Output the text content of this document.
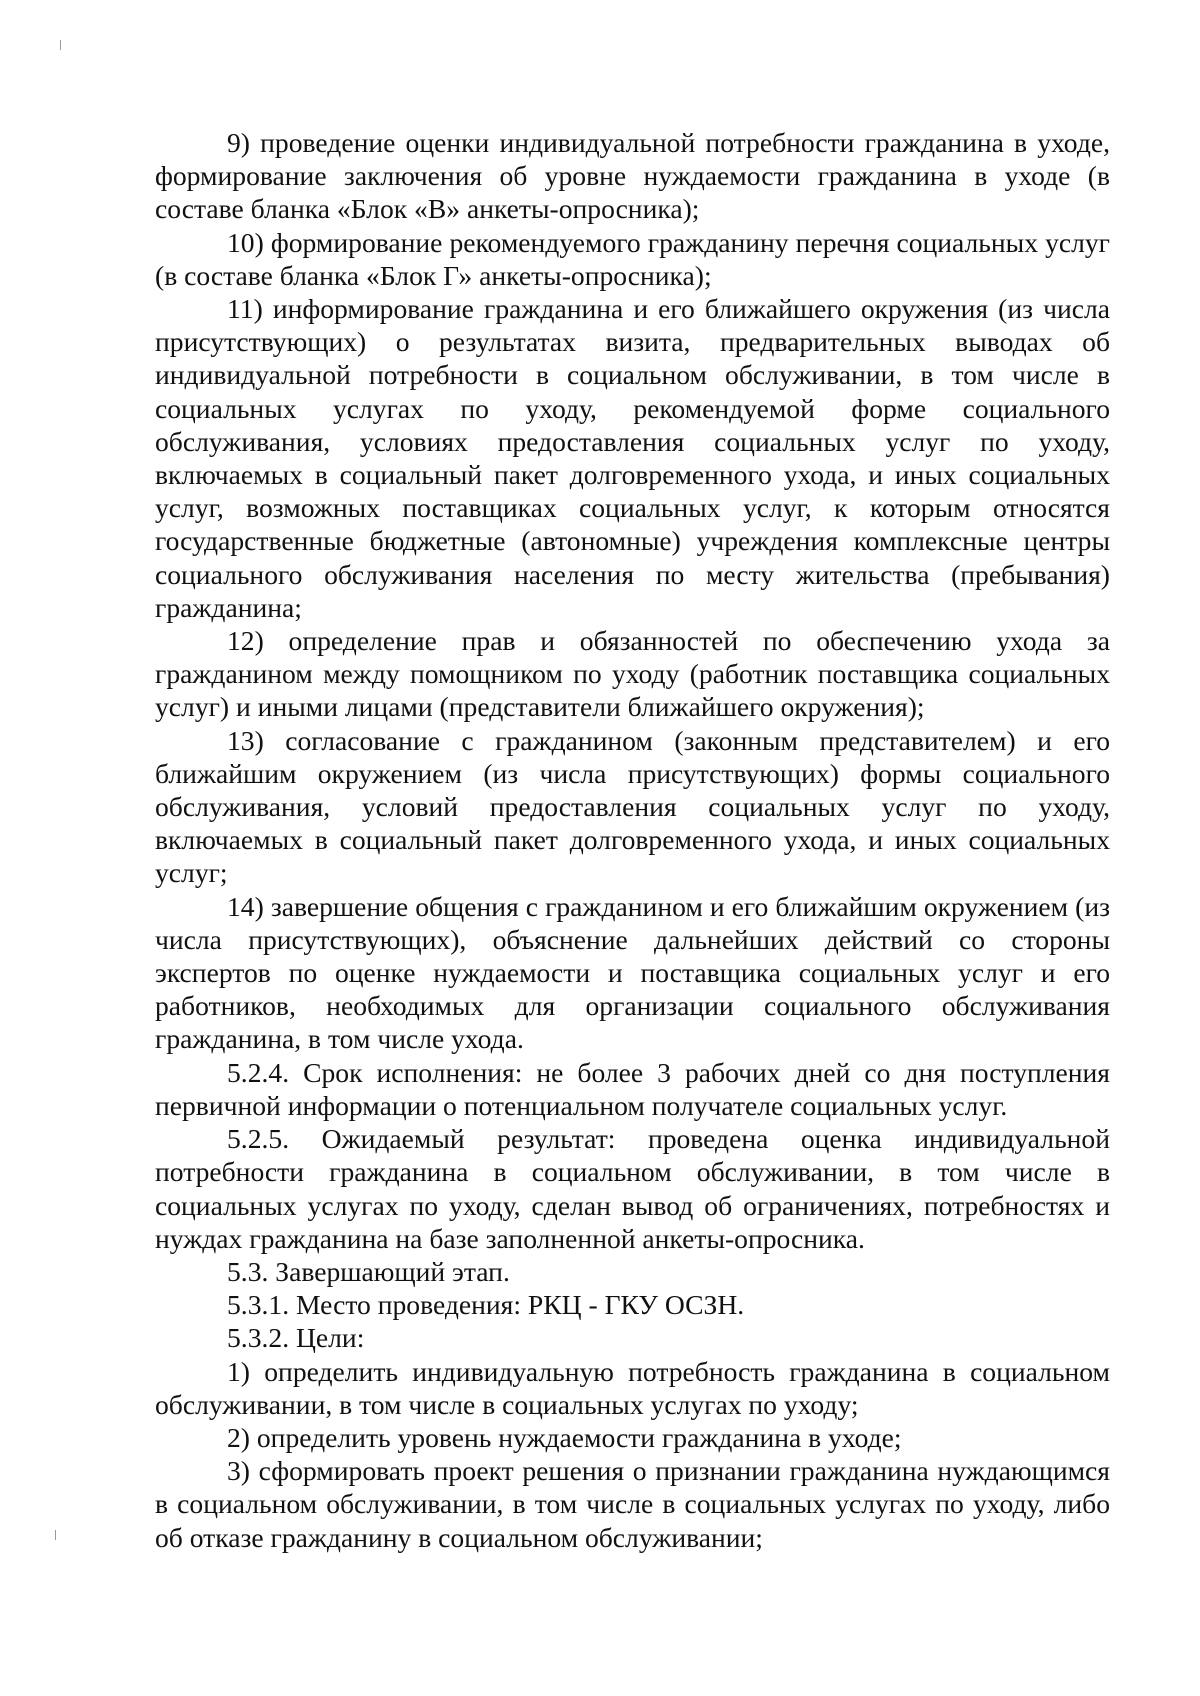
9) проведение оценки индивидуальной потребности гражданина в уходе, формирование заключения об уровне нуждаемости гражданина в уходе (в составе бланка «Блок «В» анкеты-опросника);

10) формирование рекомендуемого гражданину перечня социальных услуг (в составе бланка «Блок Г» анкеты-опросника);

11) информирование гражданина и его ближайшего окружения (из числа присутствующих) о результатах визита, предварительных выводах об индивидуальной потребности в социальном обслуживании, в том числе в социальных услугах по уходу, рекомендуемой форме социального обслуживания, условиях предоставления социальных услуг по уходу, включаемых в социальный пакет долговременного ухода, и иных социальных услуг, возможных поставщиках социальных услуг, к которым относятся государственные бюджетные (автономные) учреждения комплексные центры социального обслуживания населения по месту жительства (пребывания) гражданина;

12) определение прав и обязанностей по обеспечению ухода за гражданином между помощником по уходу (работник поставщика социальных услуг) и иными лицами (представители ближайшего окружения);

13) согласование с гражданином (законным представителем) и его ближайшим окружением (из числа присутствующих) формы социального обслуживания, условий предоставления социальных услуг по уходу, включаемых в социальный пакет долговременного ухода, и иных социальных услуг;

14) завершение общения с гражданином и его ближайшим окружением (из числа присутствующих), объяснение дальнейших действий со стороны экспертов по оценке нуждаемости и поставщика социальных услуг и его работников, необходимых для организации социального обслуживания гражданина, в том числе ухода.

5.2.4. Срок исполнения: не более 3 рабочих дней со дня поступления первичной информации о потенциальном получателе социальных услуг.

5.2.5. Ожидаемый результат: проведена оценка индивидуальной потребности гражданина в социальном обслуживании, в том числе в социальных услугах по уходу, сделан вывод об ограничениях, потребностях и нуждах гражданина на базе заполненной анкеты-опросника.

5.3. Завершающий этап.

5.3.1. Место проведения: РКЦ - ГКУ ОСЗН.

5.3.2. Цели:

1) определить индивидуальную потребность гражданина в социальном обслуживании, в том числе в социальных услугах по уходу;

2) определить уровень нуждаемости гражданина в уходе;

3) сформировать проект решения о признании гражданина нуждающимся в социальном обслуживании, в том числе в социальных услугах по уходу, либо об отказе гражданину в социальном обслуживании;
